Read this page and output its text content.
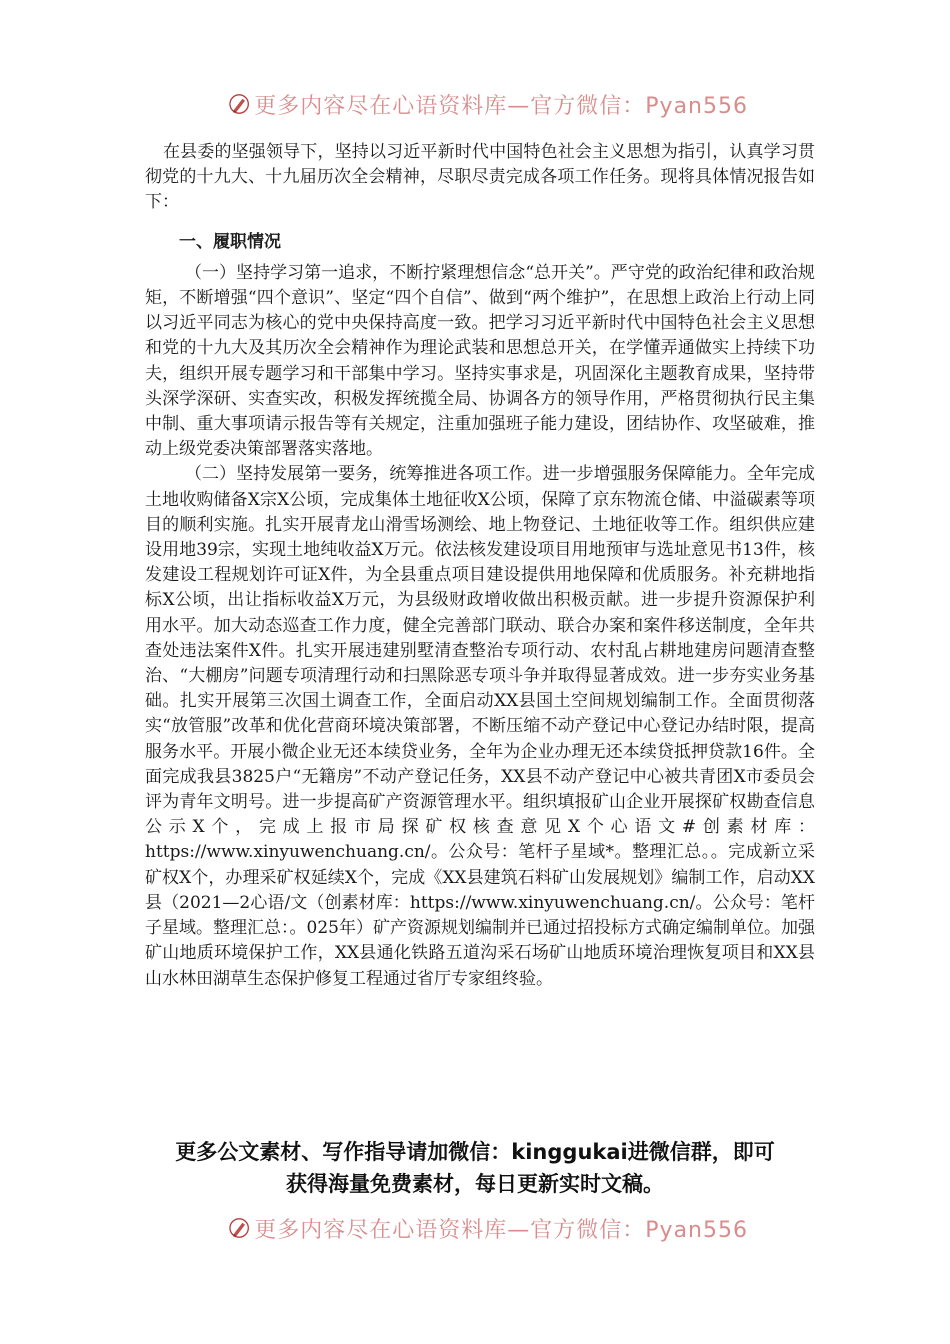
更多内容尽在心语资料库—官方微信：Pyan556

在县委的坚强领导下，坚持以习近平新时代中国特色社会主义思想为指引，认真学习贯彻党的十九大、十九届历次全会精神，尽职尽责完成各项工作任务。现将具体情况报告如下：

一、履职情况

（一）坚持学习第一追求，不断拧紧理想信念“总开关”。严守党的政治纪律和政治规矩，不断增强“四个意识”、坚定“四个自信”、做到“两个维护”，在思想上政治上行动上同以习近平同志为核心的党中央保持高度一致。把学习习近平新时代中国特色社会主义思想和党的十九大及其历次全会精神作为理论武装和思想总开关，在学懂弄通做实上持续下功夫，组织开展专题学习和干部集中学习。坚持实事求是，巩固深化主题教育成果，坚持带头深学深研、实查实改，积极发挥统揽全局、协调各方的领导作用，严格贯彻执行民主集中制、重大事项请示报告等有关规定，注重加强班子能力建设，团结协作、攻坚破难，推动上级党委决策部署落实落地。

（二）坚持发展第一要务，统筹推进各项工作。进一步增强服务保障能力。全年完成土地收购储备X宗X公顷，完成集体土地征收X公顷，保障了京东物流仓储、中溢碳素等项目的顺利实施。扎实开展青龙山滑雪场测绘、地上物登记、土地征收等工作。组织供应建设用地39宗，实现土地纯收益X万元。依法核发建设项目用地预审与选址意见书13件，核发建设工程规划许可证X件，为全县重点项目建设提供用地保障和优质服务。补充耕地指标X公顷，出让指标收益X万元，为县级财政增收做出积极贡献。进一步提升资源保护利用水平。加大动态巡查工作力度，健全完善部门联动、联合办案和案件移送制度，全年共查处违法案件X件。扎实开展违建别墅清查整治专项行动、农村乱占耕地建房问题清查整治、“大棚房”问题专项清理行动和扫黑除恶专项斗争并取得显著成效。进一步夯实业务基础。扎实开展第三次国土调查工作，全面启动XX县国土空间规划编制工作。全面贯彻落实“放管服”改革和优化营商环境决策部署，不断压缩不动产登记中心登记办结时限，提高服务水平。开展小微企业无还本续贷业务，全年为企业办理无还本续贷抵押贷款16件。全面完成我县3825户“无籍房”不动产登记任务，XX县不动产登记中心被共青团X市委员会评为青年文明号。进一步提高矿产资源管理水平。组织填报矿山企业开展探矿权勘查信息公示X个，完成上报市局探矿权核查意见X个心语文#创素材库：https://www.xinyuwenchuang.cn/。公众号：笔杆子星域*。整理汇总。。完成新立采矿权X个，办理采矿权延续X个，完成《XX县建筑石料矿山发展规划》编制工作，启动XX县（2021—2心语/文（创素材库：https://www.xinyuwenchuang.cn/。公众号：笔杆子星域。整理汇总：。025年）矿产资源规划编制并已通过招投标方式确定编制单位。加强矿山地质环境保护工作，XX县通化铁路五道沟采石场矿山地质环境治理恢复项目和XX县山水林田湖草生态保护修复工程通过省厅专家组终验。

更多公文素材、写作指导请加微信：kinggukai进微信群，即可
获得海量免费素材，每日更新实时文稿。
更多内容尽在心语资料库—官方微信：Pyan556
